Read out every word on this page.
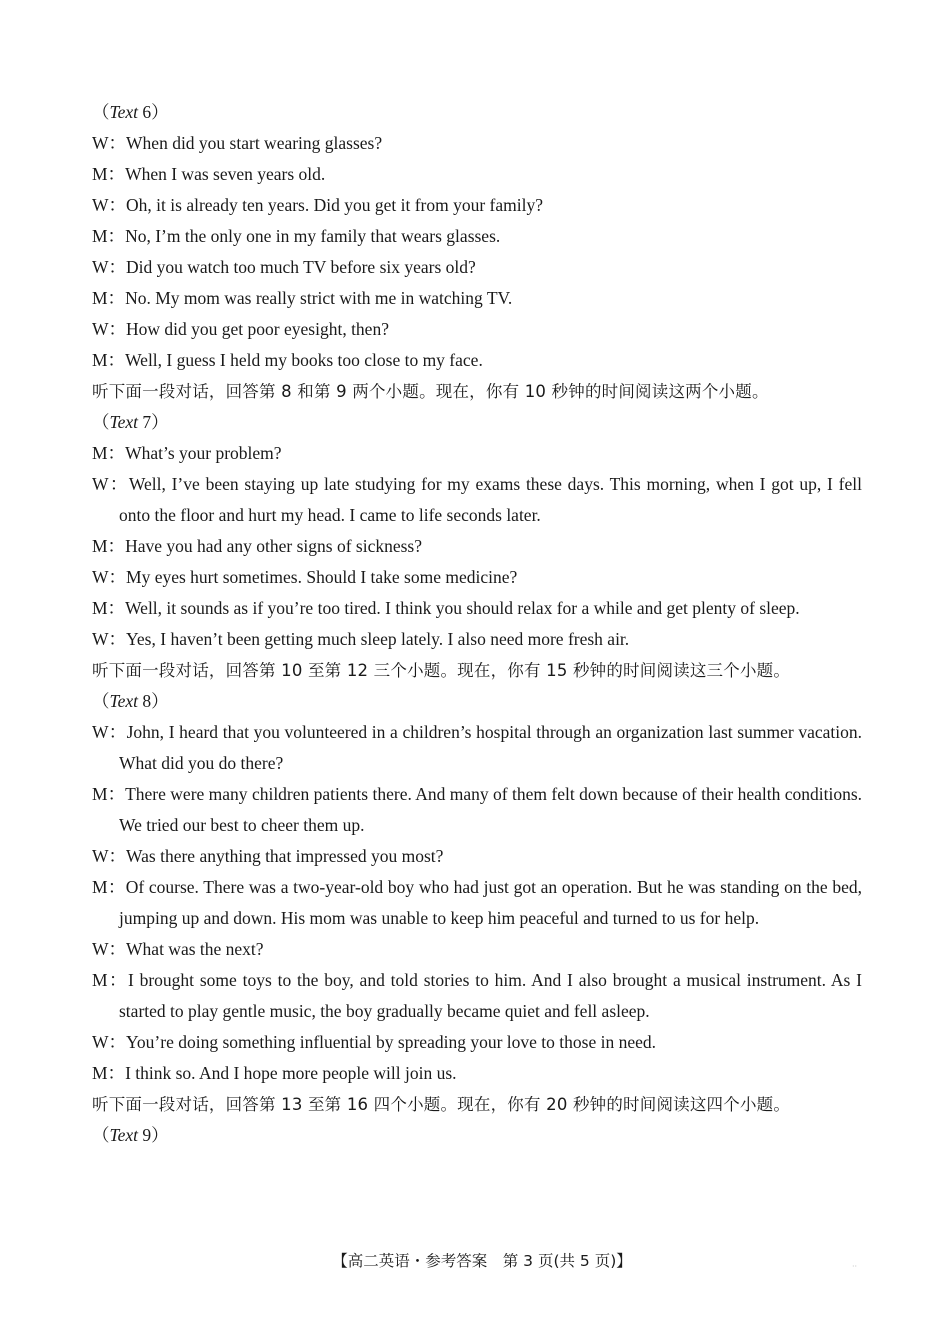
（Text 6）
W：When did you start wearing glasses?
M：When I was seven years old.
W：Oh, it is already ten years. Did you get it from your family?
M：No, I’m the only one in my family that wears glasses.
W：Did you watch too much TV before six years old?
M：No. My mom was really strict with me in watching TV.
W：How did you get poor eyesight, then?
M：Well, I guess I held my books too close to my face.
听下面一段对话，回答第 8 和第 9 两个小题。现在，你有 10 秒钟的时间阅读这两个小题。
（Text 7）
M：What’s your problem?
W：Well, I’ve been staying up late studying for my exams these days. This morning, when I got up, I fell onto the floor and hurt my head. I came to life seconds later.
M：Have you had any other signs of sickness?
W：My eyes hurt sometimes. Should I take some medicine?
M：Well, it sounds as if you’re too tired. I think you should relax for a while and get plenty of sleep.
W：Yes, I haven’t been getting much sleep lately. I also need more fresh air.
听下面一段对话，回答第 10 至第 12 三个小题。现在，你有 15 秒钟的时间阅读这三个小题。
（Text 8）
W：John, I heard that you volunteered in a children’s hospital through an organization last summer vacation. What did you do there?
M：There were many children patients there. And many of them felt down because of their health conditions. We tried our best to cheer them up.
W：Was there anything that impressed you most?
M：Of course. There was a two-year-old boy who had just got an operation. But he was standing on the bed, jumping up and down. His mom was unable to keep him peaceful and turned to us for help.
W：What was the next?
M：I brought some toys to the boy, and told stories to him. And I also brought a musical instrument. As I started to play gentle music, the boy gradually became quiet and fell asleep.
W：You’re doing something influential by spreading your love to those in need.
M：I think so. And I hope more people will join us.
听下面一段对话，回答第 13 至第 16 四个小题。现在，你有 20 秒钟的时间阅读这四个小题。
（Text 9）
【高二英语・参考答案　第 3 页(共 5 页)】	··
